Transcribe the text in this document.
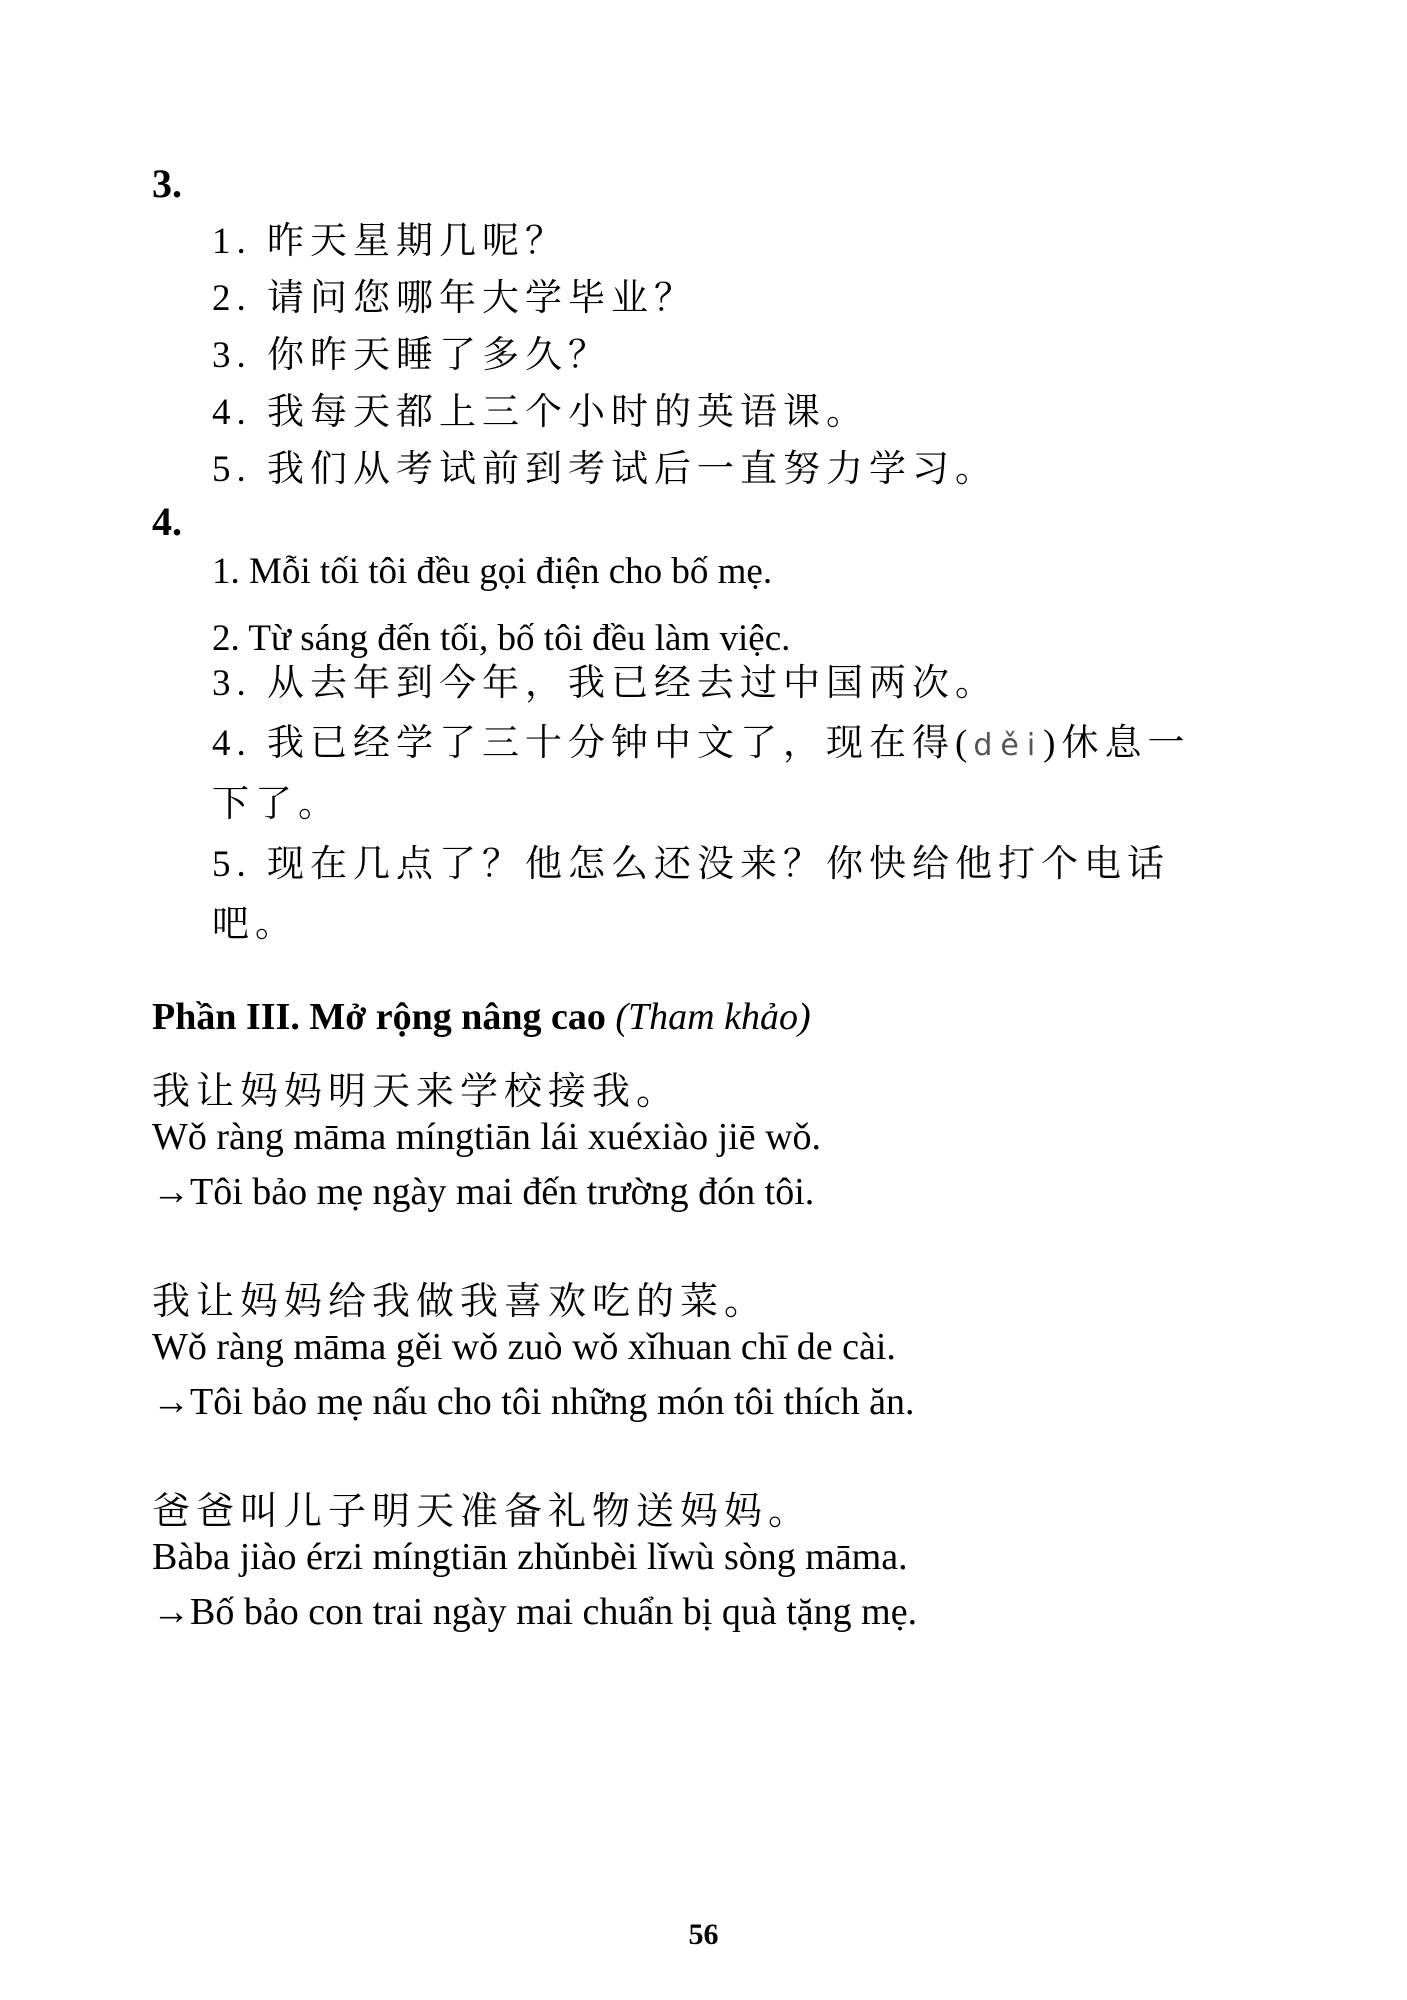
3.
1. 昨天星期几呢？
2. 请问您哪年大学毕业？
3. 你昨天睡了多久？
4. 我每天都上三个小时的英语课。
5. 我们从考试前到考试后一直努力学习。
4.
1. Mỗi tối tôi đều gọi điện cho bố mẹ.
2. Từ sáng đến tối, bố tôi đều làm việc.
3. 从去年到今年，我已经去过中国两次。
4. 我已经学了三十分钟中文了，现在得(děi)休息一
下了。
5. 现在几点了？他怎么还没来？你快给他打个电话
吧。
Phần III. Mở rộng nâng cao (Tham khảo)
我让妈妈明天来学校接我。
Wǒ ràng māma míngtiān lái xuéxiào jiē wǒ.
→Tôi bảo mẹ ngày mai đến trường đón tôi.
我让妈妈给我做我喜欢吃的菜。
Wǒ ràng māma gěi wǒ zuò wǒ xǐhuan chī de cài.
→Tôi bảo mẹ nấu cho tôi những món tôi thích ăn.
爸爸叫儿子明天准备礼物送妈妈。
Bàba jiào érzi míngtiān zhǔnbèi lǐwù sòng māma.
→Bố bảo con trai ngày mai chuẩn bị quà tặng mẹ.
56
